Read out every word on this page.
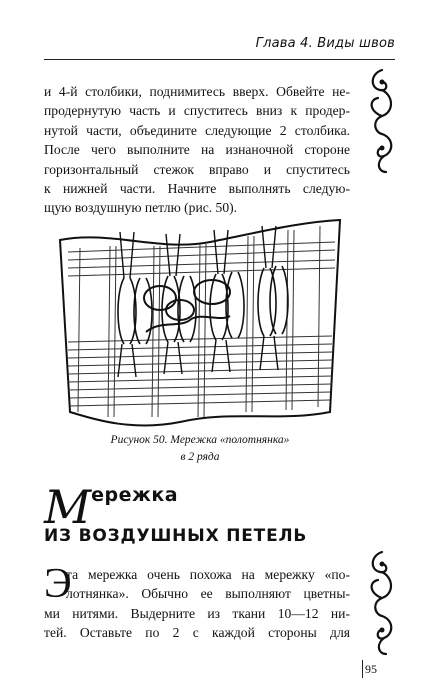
Глава 4. Виды швов
и 4-й столбики, поднимитесь вверх. Обвейте не-
продернутую часть и спуститесь вниз к продер-
нутой части, объедините следующие 2 столбика.
После чего выполните на изнаночной стороне
горизонтальный стежок вправо и спуститесь
к нижней части. Начните выполнять следую-
щую воздушную петлю (рис. 50).
Рисунок 50. Мережка «полотнянка»
в 2 ряда
Мережка
ИЗ ВОЗДУШНЫХ ПЕТЕЛЬ
Э
та мережка очень похожа на мережку «по-
лотнянка». Обычно ее выполняют цветны-
ми нитями. Выдерните из ткани 10—12 ни-
тей. Оставьте по 2 с каждой стороны для
95
